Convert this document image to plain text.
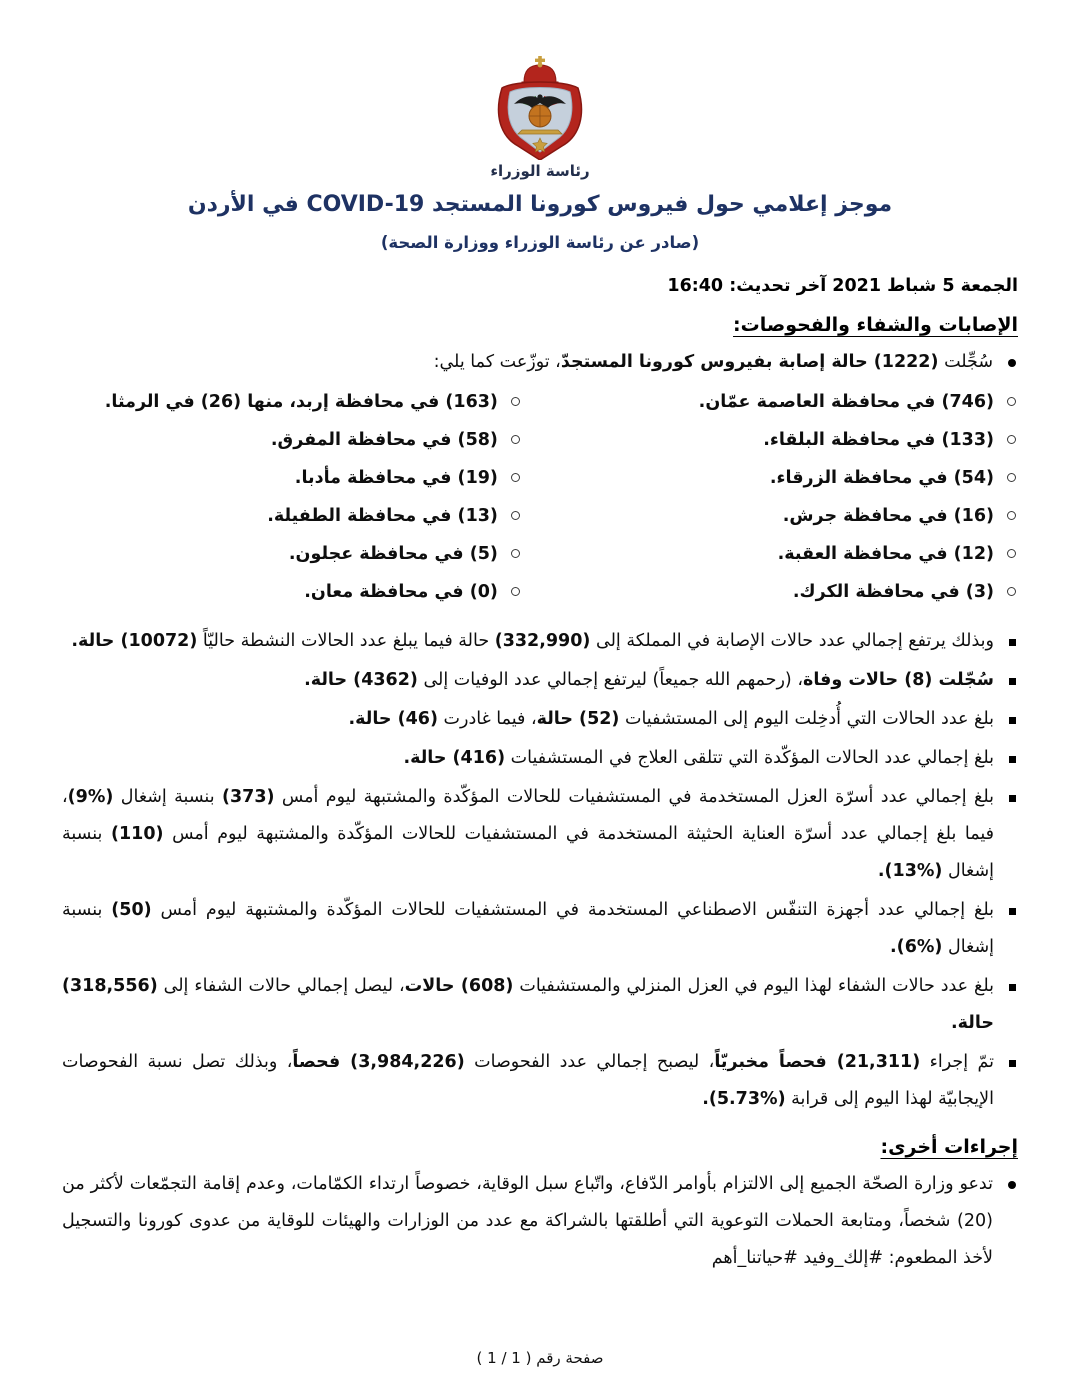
رئاسة الوزراء
موجز إعلامي حول فيروس كورونا المستجد COVID-19 في الأردن
(صادر عن رئاسة الوزراء ووزارة الصحة)
الجمعة 5 شباط 2021 آخر تحديث: 16:40
الإصابات والشفاء والفحوصات:

سُجِّلت (1222) حالة إصابة بفيروس كورونا المستجدّ، توزّعت كما يلي:

(746) في محافظة العاصمة عمّان.
(133) في محافظة البلقاء.
(54) في محافظة الزرقاء.
(16) في محافظة جرش.
(12) في محافظة العقبة.
(3) في محافظة الكرك.
(163) في محافظة إربد، منها (26) في الرمثا.
(58) في محافظة المفرق.
(19) في محافظة مأدبا.
(13) في محافظة الطفيلة.
(5) في محافظة عجلون.
(0) في محافظة معان.

وبذلك يرتفع إجمالي عدد حالات الإصابة في المملكة إلى (332,990) حالة فيما يبلغ عدد الحالات النشطة حاليّاً (10072) حالة.

سُجّلت (8) حالات وفاة، (رحمهم الله جميعاً) ليرتفع إجمالي عدد الوفيات إلى (4362) حالة.

بلغ عدد الحالات التي أُدخِلت اليوم إلى المستشفيات (52) حالة، فيما غادرت (46) حالة.

بلغ إجمالي عدد الحالات المؤكّدة التي تتلقى العلاج في المستشفيات (416) حالة.

بلغ إجمالي عدد أسرّة العزل المستخدمة في المستشفيات للحالات المؤكّدة والمشتبهة ليوم أمس (373) بنسبة إشغال (%9)، فيما بلغ إجمالي عدد أسرّة العناية الحثيثة المستخدمة في المستشفيات للحالات المؤكّدة والمشتبهة ليوم أمس (110) بنسبة إشغال (%13).

بلغ إجمالي عدد أجهزة التنفّس الاصطناعي المستخدمة في المستشفيات للحالات المؤكّدة والمشتبهة ليوم أمس (50) بنسبة إشغال (%6).

بلغ عدد حالات الشفاء لهذا اليوم في العزل المنزلي والمستشفيات (608) حالات، ليصل إجمالي حالات الشفاء إلى (318,556) حالة.

تمّ إجراء (21,311) فحصاً مخبريّاً، ليصبح إجمالي عدد الفحوصات (3,984,226) فحصاً، وبذلك تصل نسبة الفحوصات الإيجابيّة لهذا اليوم إلى قرابة (%5.73).

إجراءات أخرى:

تدعو وزارة الصحّة الجميع إلى الالتزام بأوامر الدّفاع، واتّباع سبل الوقاية، خصوصاً ارتداء الكمّامات، وعدم إقامة التجمّعات لأكثر من (20) شخصاً، ومتابعة الحملات التوعوية التي أطلقتها بالشراكة مع عدد من الوزارات والهيئات للوقاية من عدوى كورونا والتسجيل لأخذ المطعوم: #إلك_وفيد #حياتنا_أهم

صفحة رقم ( 1 / 1 )
